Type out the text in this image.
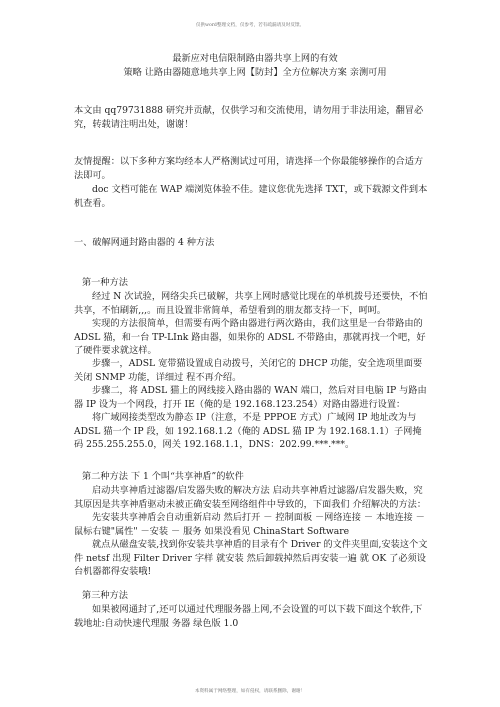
仅供word整理文档，仅参考，若有疏漏请及时反馈。

最新应对电信限制路由器共享上网的有效

策略 让路由器随意地共享上网【防封】全方位解决方案 亲测可用

本文由 qq79731888 研究并贡献，仅供学习和交流使用，请勿用于非法用途，翻冒必究，转载请注明出处，谢谢！

友情提醒：以下多种方案均经本人严格测试过可用，请选择一个你最能够操作的合适方法即可。

doc 文档可能在 WAP 端浏览体验不佳。建议您优先选择 TXT，或下载源文件到本机查看。

一、破解网通封路由器的 4 种方法

第一种方法

经过 N 次试验，网络尖兵已破解，共享上网时感觉比现在的单机拨号还要快，不怕共享，不怕刷新,,,。而且设置非常简单，希望看到的朋友都支持一下，呵呵。

实现的方法很简单，但需要有两个路由器进行两次路由，我们这里是一台带路由的 ADSL 猫，和一台 TP-LInk 路由器，如果你的 ADSL 不带路由，那就再找一个吧，好了硬件要求就这样。

步骤一，ADSL 宽带猫设置成自动拨号，关闭它的 DHCP 功能，安全选项里面要关闭 SNMP 功能，详细过 程不再介绍。

步骤二，将 ADSL 猫上的网线接入路由器的 WAN 端口，然后对目电脑 IP 与路由器 IP 设为一个网段，打开 IE（俺的是 192.168.123.254）对路由器进行设置：

将广域网接类型改为静态 IP（注意，不是 PPPOE 方式）广域网 IP 地址改为与 ADSL 猫一个 IP 段，如 192.168.1.2（俺的 ADSL 猫 IP 为 192.168.1.1）子网掩码 255.255.255.0，网关 192.168.1.1，DNS：202.99.***.***。

第二种方法 下 1 个叫“共享神盾”的软件

启动共享神盾过滤器/启发器失败的解决方法 启动共享神盾过滤器/启发器失败，究其原因是共享神盾驱动未被正确安装至网络组件中导致的，下面我们 介绍解决的方法：

先安装共享神盾会自动重新启动 然后打开 － 控制面板 －网络连接 － 本地连接 － 鼠标右键"属性" －安装 － 服务 如果没看见 ChinaStart Software

就点从磁盘安装,找到你安装共享神盾的目录有个 Driver 的文件夹里面,安装这个文件 netsf 出现 Filter Driver 字样 就安装 然后卸载掉然后再安装一遍 就 OK 了必须设台机器都得安装哦!

第三种方法

如果被网通封了,还可以通过代理服务器上网,不会设置的可以下载下面这个软件,下载地址:自动快速代理服 务器 绿色版 1.0

本资料属于网络整理，如有侵权，请联系删除，谢谢！
